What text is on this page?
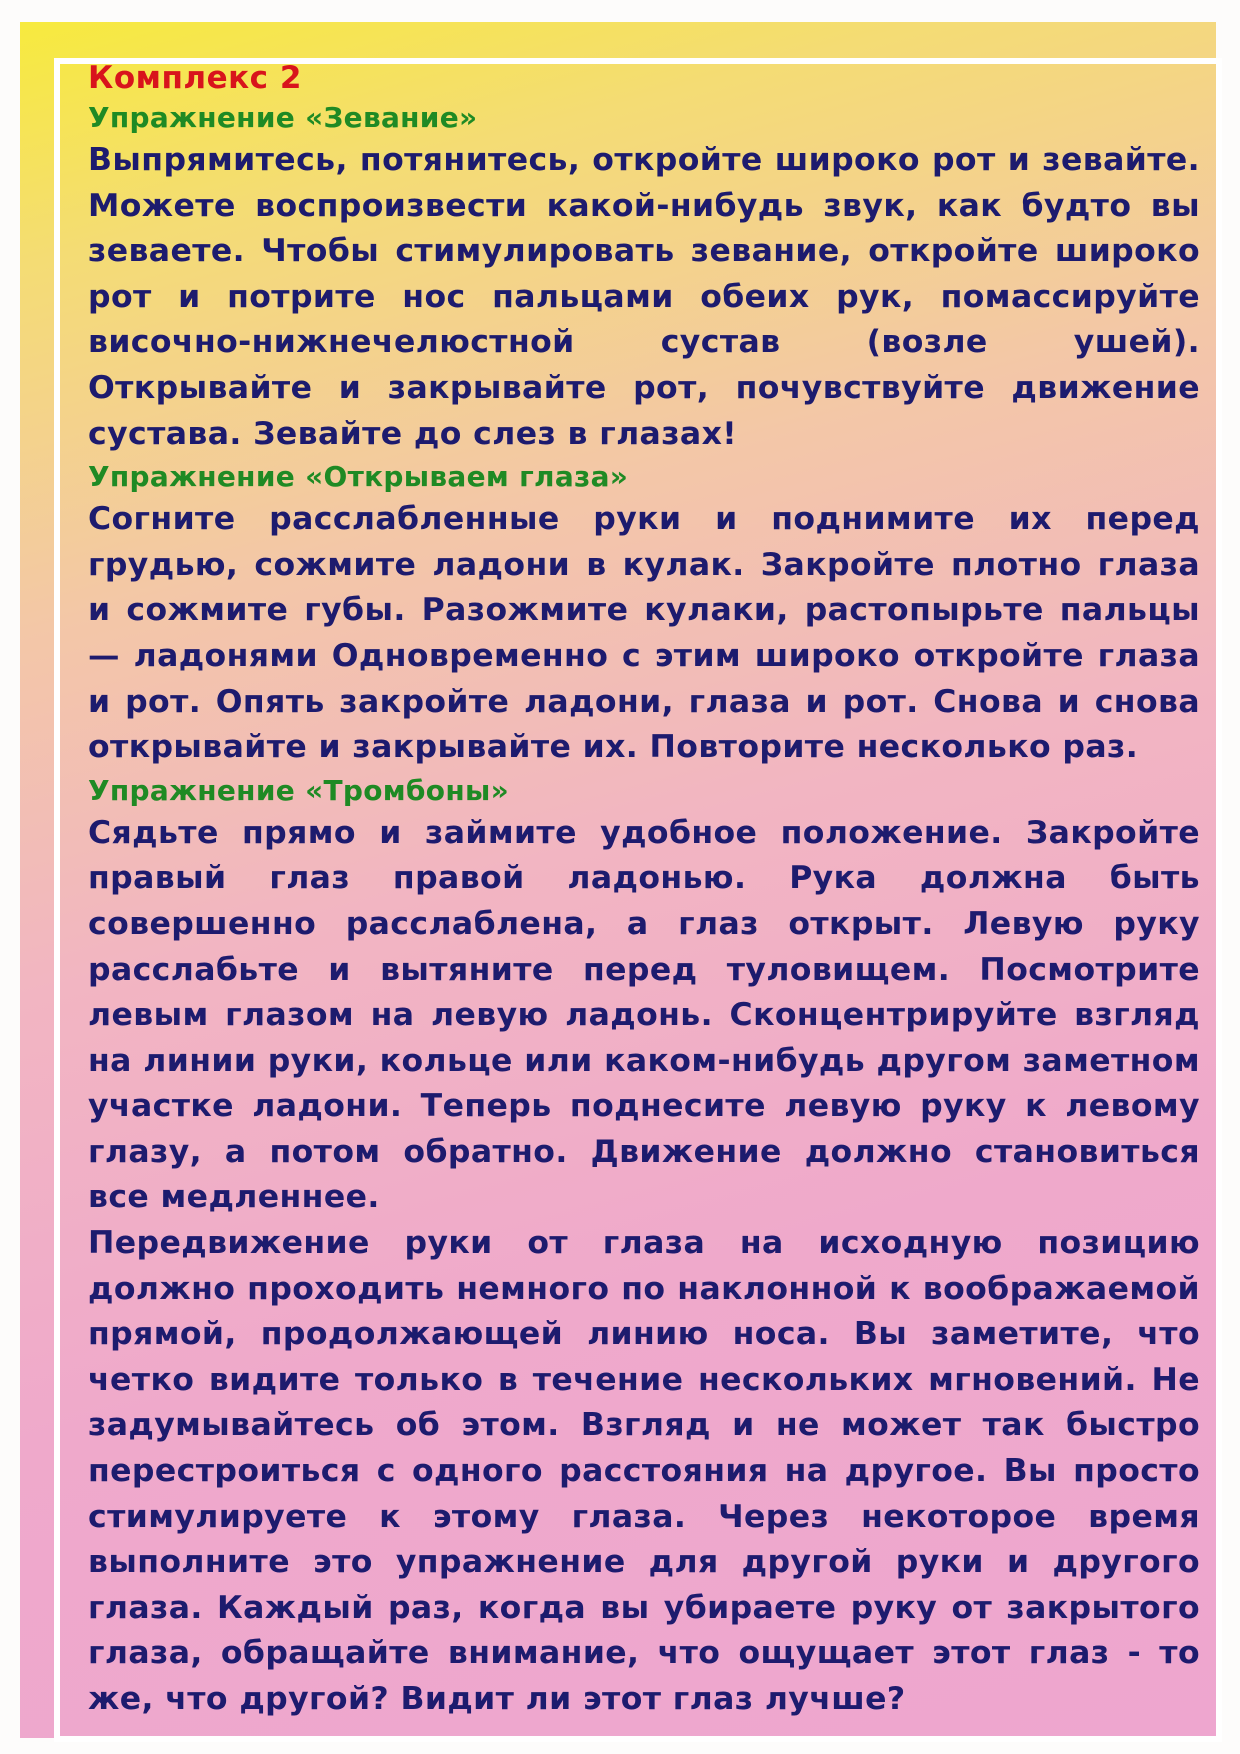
Комплекс 2
Упражнение «Зевание»

Выпрямитесь, потянитесь, откройте широко рот и зевайте. Можете воспроизвести какой-нибудь звук, как будто вы зеваете. Чтобы стимулировать зевание, откройте широко рот и потрите нос пальцами обеих рук, помассируйте височно-нижнечелюстной сустав (возле ушей). Открывайте и закрывайте рот, почувствуйте движение сустава. Зевайте до слез в глазах!

Упражнение «Открываем глаза»

Согните расслабленные руки и поднимите их перед грудью, сожмите ладони в кулак. Закройте плотно глаза и сожмите губы. Разожмите кулаки, растопырьте пальцы — ладонями Одновременно с этим широко откройте глаза и рот. Опять закройте ладони, глаза и рот. Снова и снова открывайте и закрывайте их. Повторите несколько раз.

Упражнение «Тромбоны»

Сядьте прямо и займите удобное положение. Закройте правый глаз правой ладонью. Рука должна быть совершенно расслаблена, а глаз открыт. Левую руку расслабьте и вытяните перед туловищем. Посмотрите левым глазом на левую ладонь. Сконцентрируйте взгляд на линии руки, кольце или каком-нибудь другом заметном участке ладони. Теперь поднесите левую руку к левому глазу, а потом обратно. Движение должно становиться все медленнее.

Передвижение руки от глаза на исходную позицию должно проходить немного по наклонной к воображаемой прямой, продолжающей линию носа. Вы заметите, что четко видите только в течение нескольких мгновений. Не задумывайтесь об этом. Взгляд и не может так быстро перестроиться с одного расстояния на другое. Вы просто стимулируете к этому глаза. Через некоторое время выполните это упражнение для другой руки и другого глаза. Каждый раз, когда вы убираете руку от закрытого глаза, обращайте внимание, что ощущает этот глаз - то же, что другой? Видит ли этот глаз лучше?
